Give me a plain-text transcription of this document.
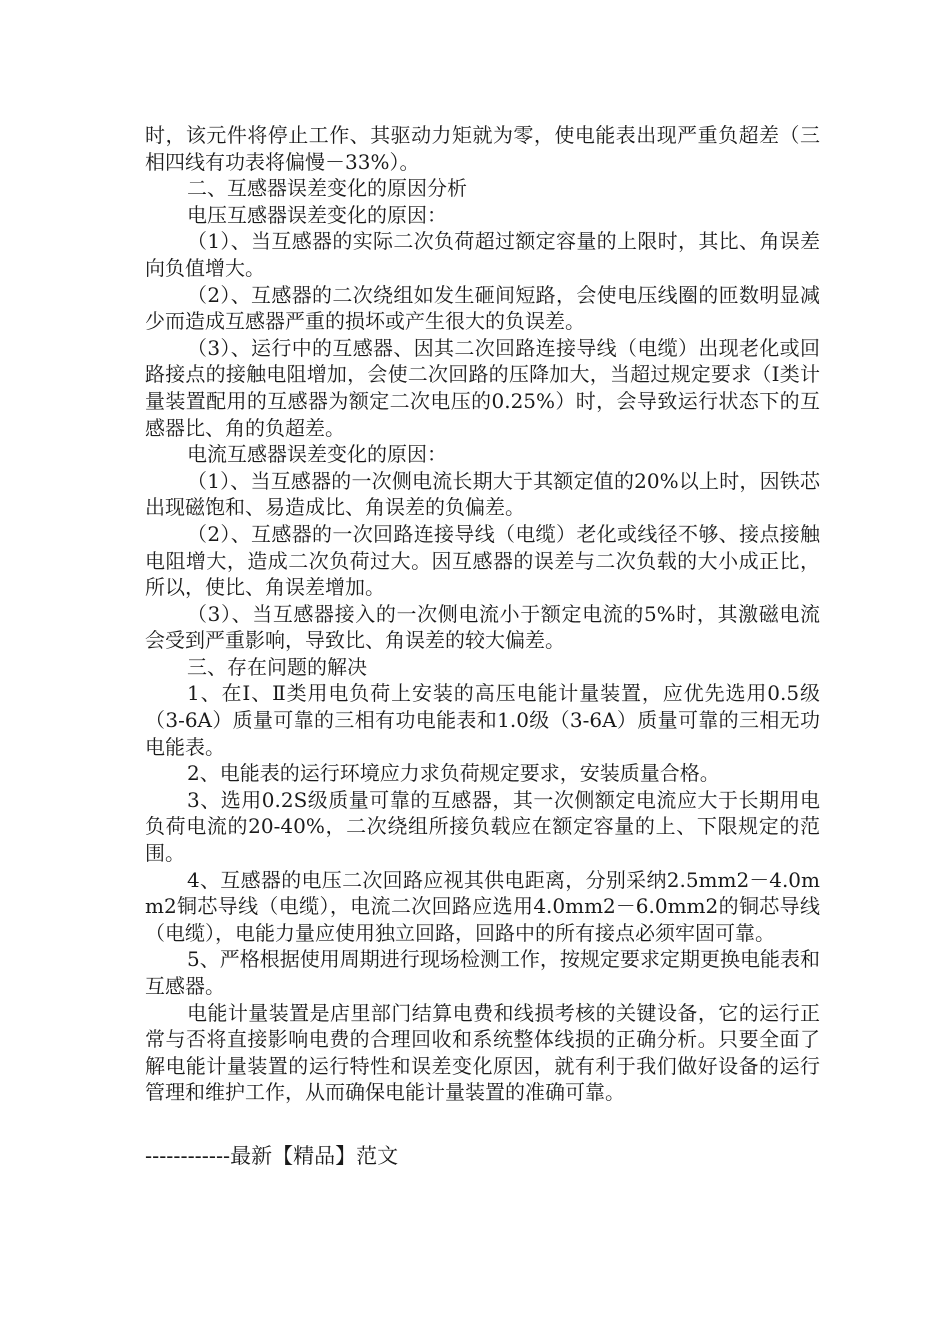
时，该元件将停止工作、其驱动力矩就为零，使电能表出现严重负超差（三相四线有功表将偏慢－33%）。

二、互感器误差变化的原因分析

电压互感器误差变化的原因：

（1）、当互感器的实际二次负荷超过额定容量的上限时，其比、角误差向负值增大。

（2）、互感器的二次绕组如发生砸间短路，会使电压线圈的匝数明显减少而造成互感器严重的损坏或产生很大的负误差。

（3）、运行中的互感器、因其二次回路连接导线（电缆）出现老化或回路接点的接触电阻增加，会使二次回路的压降加大，当超过规定要求（Ⅰ类计量装置配用的互感器为额定二次电压的0.25%）时，会导致运行状态下的互感器比、角的负超差。

电流互感器误差变化的原因：

（1）、当互感器的一次侧电流长期大于其额定值的20%以上时，因铁芯出现磁饱和、易造成比、角误差的负偏差。

（2）、互感器的一次回路连接导线（电缆）老化或线径不够、接点接触电阻增大，造成二次负荷过大。因互感器的误差与二次负载的大小成正比，所以，使比、角误差增加。

（3）、当互感器接入的一次侧电流小于额定电流的5%时，其激磁电流会受到严重影响，导致比、角误差的较大偏差。

三、存在问题的解决

1、在Ⅰ、Ⅱ类用电负荷上安装的高压电能计量装置，应优先选用0.5级（3-6A）质量可靠的三相有功电能表和1.0级（3-6A）质量可靠的三相无功电能表。

2、电能表的运行环境应力求负荷规定要求，安装质量合格。

3、选用0.2S级质量可靠的互感器，其一次侧额定电流应大于长期用电负荷电流的20-40%，二次绕组所接负载应在额定容量的上、下限规定的范围。

4、互感器的电压二次回路应视其供电距离，分别采纳2.5mm2－4.0mm2铜芯导线（电缆），电流二次回路应选用4.0mm2－6.0mm2的铜芯导线（电缆），电能力量应使用独立回路，回路中的所有接点必须牢固可靠。

5、严格根据使用周期进行现场检测工作，按规定要求定期更换电能表和互感器。

电能计量装置是店里部门结算电费和线损考核的关键设备，它的运行正常与否将直接影响电费的合理回收和系统整体线损的正确分析。只要全面了解电能计量装置的运行特性和误差变化原因，就有利于我们做好设备的运行管理和维护工作，从而确保电能计量装置的准确可靠。

------------最新【精品】范文
